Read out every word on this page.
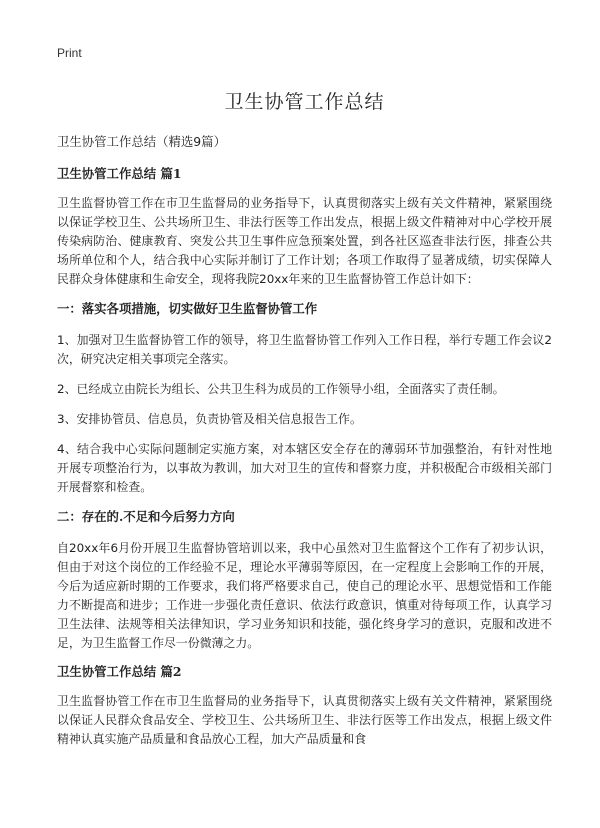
Print
卫生协管工作总结
卫生协管工作总结（精选9篇）
卫生协管工作总结 篇1

卫生监督协管工作在市卫生监督局的业务指导下，认真贯彻落实上级有关文件精神，紧紧围绕以保证学校卫生、公共场所卫生、非法行医等工作出发点，根据上级文件精神对中心学校开展传染病防治、健康教育、突发公共卫生事件应急预案处置，到各社区巡查非法行医，排查公共场所单位和个人，结合我中心实际并制订了工作计划；各项工作取得了显著成绩，切实保障人民群众身体健康和生命安全，现将我院20xx年来的卫生监督协管工作总计如下：

一：落实各项措施，切实做好卫生监督协管工作

1、加强对卫生监督协管工作的领导，将卫生监督协管工作列入工作日程，举行专题工作会议2次，研究决定相关事项完全落实。

2、已经成立由院长为组长、公共卫生科为成员的工作领导小组，全面落实了责任制。

3、安排协管员、信息员，负责协管及相关信息报告工作。

4、结合我中心实际问题制定实施方案，对本辖区安全存在的薄弱环节加强整治，有针对性地开展专项整治行为，以事故为教训，加大对卫生的宣传和督察力度，并积极配合市级相关部门开展督察和检查。

二：存在的.不足和今后努力方向

自20xx年6月份开展卫生监督协管培训以来，我中心虽然对卫生监督这个工作有了初步认识，但由于对这个岗位的工作经验不足，理论水平薄弱等原因，在一定程度上会影响工作的开展，今后为适应新时期的工作要求，我们将严格要求自己，使自己的理论水平、思想觉悟和工作能力不断提高和进步；工作进一步强化责任意识、依法行政意识，慎重对待每项工作，认真学习卫生法律、法规等相关法律知识，学习业务知识和技能，强化终身学习的意识，克服和改进不足，为卫生监督工作尽一份微薄之力。

卫生协管工作总结 篇2

卫生监督协管工作在市卫生监督局的业务指导下，认真贯彻落实上级有关文件精神，紧紧围绕以保证人民群众食品安全、学校卫生、公共场所卫生、非法行医等工作出发点，根据上级文件精神认真实施产品质量和食品放心工程，加大产品质量和食
